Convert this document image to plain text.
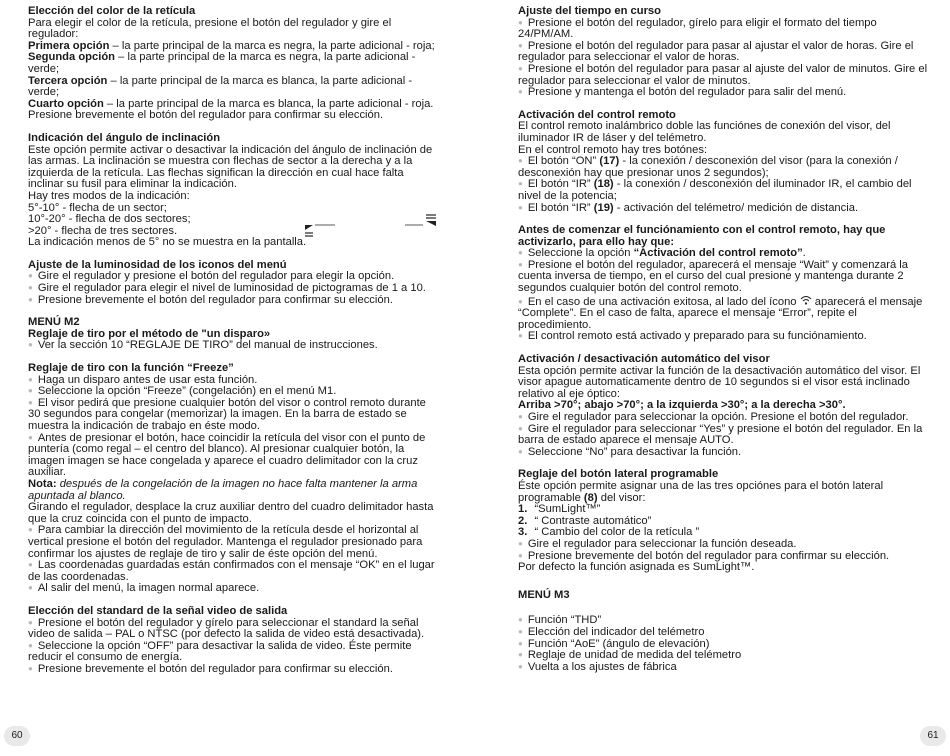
Elección del color de la retícula
Para elegir el color de la retícula, presione el botón del regulador y gire el regulador:
Primera opción – la parte principal de la marca es negra, la parte adicional - roja;
Segunda opción – la parte principal de la marca es negra, la parte adicional - verde;
Tercera opción – la parte principal de la marca es blanca, la parte adicional - verde;
Cuarto opción – la parte principal de la marca es blanca, la parte adicional - roja.
Presione brevemente el botón del regulador para confirmar su elección.
Indicación del ángulo de inclinación
Este opción permite activar o desactivar la indicación del ángulo de inclinación de las armas. La inclinación se muestra con flechas de sector a la derecha y a la izquierda de la retícula. Las flechas significan la dirección en cual hace falta inclinar su fusil para eliminar la indicación.
Hay tres modos de la indicación:
5°-10° - flecha de un sector;
10°-20° - flecha de dos sectores;
>20° - flecha de tres sectores.
La indicación menos de 5° no se muestra en la pantalla.
Ajuste de la luminosidad de los iconos del menú
● Gire el regulador y presione el botón del regulador para elegir la opción.
● Gire el regulador para elegir el nivel de luminosidad de pictogramas de 1 a 10.
● Presione brevemente el botón del regulador para confirmar su elección.
MENÚ M2
Reglaje de tiro por el método de "un disparo»
● Ver la sección 10 “REGLAJE DE TIRO” del manual de instrucciones.
Reglaje de tiro con la función “Freeze”
● Haga un disparo antes de usar esta función.
● Seleccione la opción “Freeze” (congelación) en el menú M1.
● El visor pedirá que presione cualquier botón del visor o control remoto durante 30 segundos para congelar (memorizar) la imagen. En la barra de estado se muestra la indicación de trabajo en éste modo.
● Antes de presionar el botón, hace coincidir la retícula del visor con el punto de puntería (como regal – el centro del blanco). Al presionar cualquier botón, la imagen imagen se hace congelada y aparece el cuadro delimitador con la cruz auxiliar.
Nota: después de la congelación de la imagen no hace falta mantener la arma apuntada al blanco.
Girando el regulador, desplace la cruz auxiliar dentro del cuadro delimitador hasta que la cruz coincida con el punto de impacto.
● Para cambiar la dirección del movimiento de la retícula desde el horizontal al vertical presione el botón del regulador. Mantenga el regulador presionado para confirmar los ajustes de reglaje de tiro y salir de éste opción del menú.
● Las coordenadas guardadas están confirmados con el mensaje “OK” en el lugar de las coordenadas.
● Al salir del menú, la imagen normal aparece.
Elección del standard de la señal video de salida
● Presione el botón del regulador y gírelo para seleccionar el standard la señal video de salida – PAL o NTSC (por defecto la salida de video está desactivada).
● Seleccione la opción “OFF” para desactivar la salida de video. Éste permite reducir el consumo de energía.
● Presione brevemente el botón del regulador para confirmar su elección.
Ajuste del tiempo en curso
● Presione el botón del regulador, gírelo para eligir el formato del tiempo 24/PM/AM.
● Presione el botón del regulador para pasar al ajustar el valor de horas. Gire el regulador para seleccionar el valor de horas.
● Presione el botón del regulador para pasar al ajuste del valor de minutos. Gire el regulador para seleccionar el valor de minutos.
● Presione y mantenga el botón del regulador para salir del menú.
Activación del control remoto
El control remoto inalámbrico doble las funciónes de conexión del visor, del iluminador IR de láser y del telémetro.
En el control remoto hay tres botónes:
● El botón “ON” (17) - la conexión / desconexión del visor (para la conexión / desconexión hay que presionar unos 2 segundos);
● El botón “IR” (18) - la conexión / desconexión del iluminador IR, el cambio del nivel de la potencia;
● El botón “IR” (19) - activación del telémetro/ medición de distancia.
Antes de comenzar el funciónamiento con el control remoto, hay que activizarlo, para ello hay que:
● Seleccione la opción “Activación del control remoto”.
● Presione el botón del regulador, aparecerá el mensaje “Wait” y comenzará la cuenta inversa de tiempo, en el curso del cual presione y mantenga durante 2 segundos cualquier botón del control remoto.
● En el caso de una activación exitosa, al lado del ícono  aparecerá el mensaje “Complete”. En el caso de falta, aparece el mensaje “Error”, repite el procedimiento.
● El control remoto está activado y preparado para su funciónamiento.
Activación / desactivación automático del visor
Esta opción permite activar la función de la desactivación automático del visor. El visor apague automaticamente dentro de 10 segundos si el visor está inclinado relativo al eje óptico:
Arriba >70°; abajo >70°; a la izquierda >30°; a la derecha >30°.
● Gire el regulador para seleccionar la opción. Presione el botón del regulador.
● Gire el regulador para seleccionar “Yes” y presione el botón del regulador. En la barra de estado aparece el mensaje AUTO.
● Seleccione “No” para desactivar la función.
Reglaje del botón lateral programable
Éste opción permite asignar una de las tres opciónes para el botón lateral programable (8) del visor:
1. “SumLight™”
2. “ Contraste automático”
3. “ Cambio del color de la retícula ”
● Gire el regulador para seleccionar la función deseada.
● Presione brevemente del botón del regulador para confirmar su elección.
Por defecto la función asignada es SumLight™.
MENÚ M3
● Función “THD”
● Elección del indicador del telémetro
● Función “AoE” (ángulo de elevación)
● Reglaje de unidad de medida del telémetro
● Vuelta a los ajustes de fábrica
60	61
